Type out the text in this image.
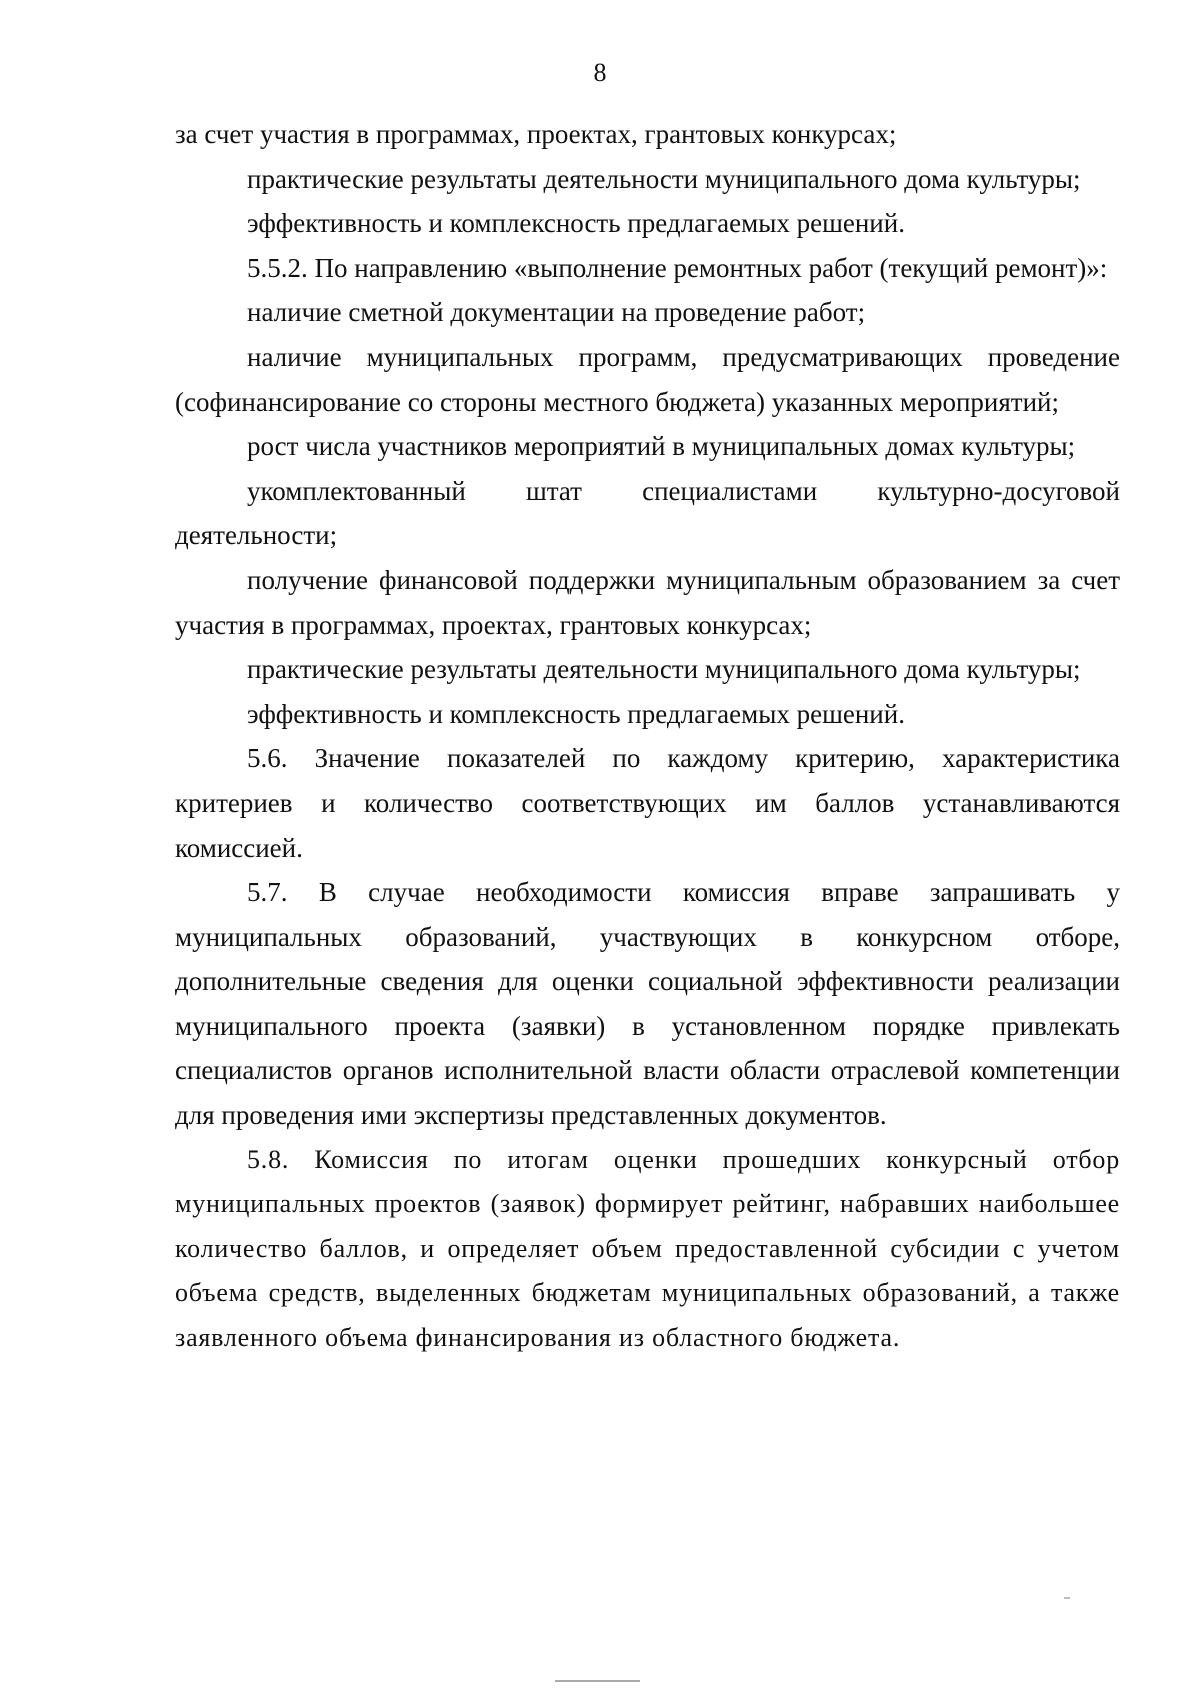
8

за счет участия в программах, проектах, грантовых конкурсах;

практические результаты деятельности муниципального дома культуры;

эффективность и комплексность предлагаемых решений.

5.5.2. По направлению «выполнение ремонтных работ (текущий ремонт)»:

наличие сметной документации на проведение работ;

наличие муниципальных программ, предусматривающих проведение (софинансирование со стороны местного бюджета) указанных мероприятий;

рост числа участников мероприятий в муниципальных домах культуры;

укомплектованный штат специалистами культурно-досуговой деятельности;

получение финансовой поддержки муниципальным образованием за счет участия в программах, проектах, грантовых конкурсах;

практические результаты деятельности муниципального дома культуры;

эффективность и комплексность предлагаемых решений.

5.6. Значение показателей по каждому критерию, характеристика критериев и количество соответствующих им баллов устанавливаются комиссией.

5.7. В случае необходимости комиссия вправе запрашивать у муниципальных образований, участвующих в конкурсном отборе, дополнительные сведения для оценки социальной эффективности реализации муниципального проекта (заявки) в установленном порядке привлекать специалистов органов исполнительной власти области отраслевой компетенции для проведения ими экспертизы представленных документов.

5.8. Комиссия по итогам оценки прошедших конкурсный отбор муниципальных проектов (заявок) формирует рейтинг, набравших наибольшее количество баллов, и определяет объем предоставленной субсидии с учетом объема средств, выделенных бюджетам муниципальных образований, а также заявленного объема финансирования из областного бюджета.
